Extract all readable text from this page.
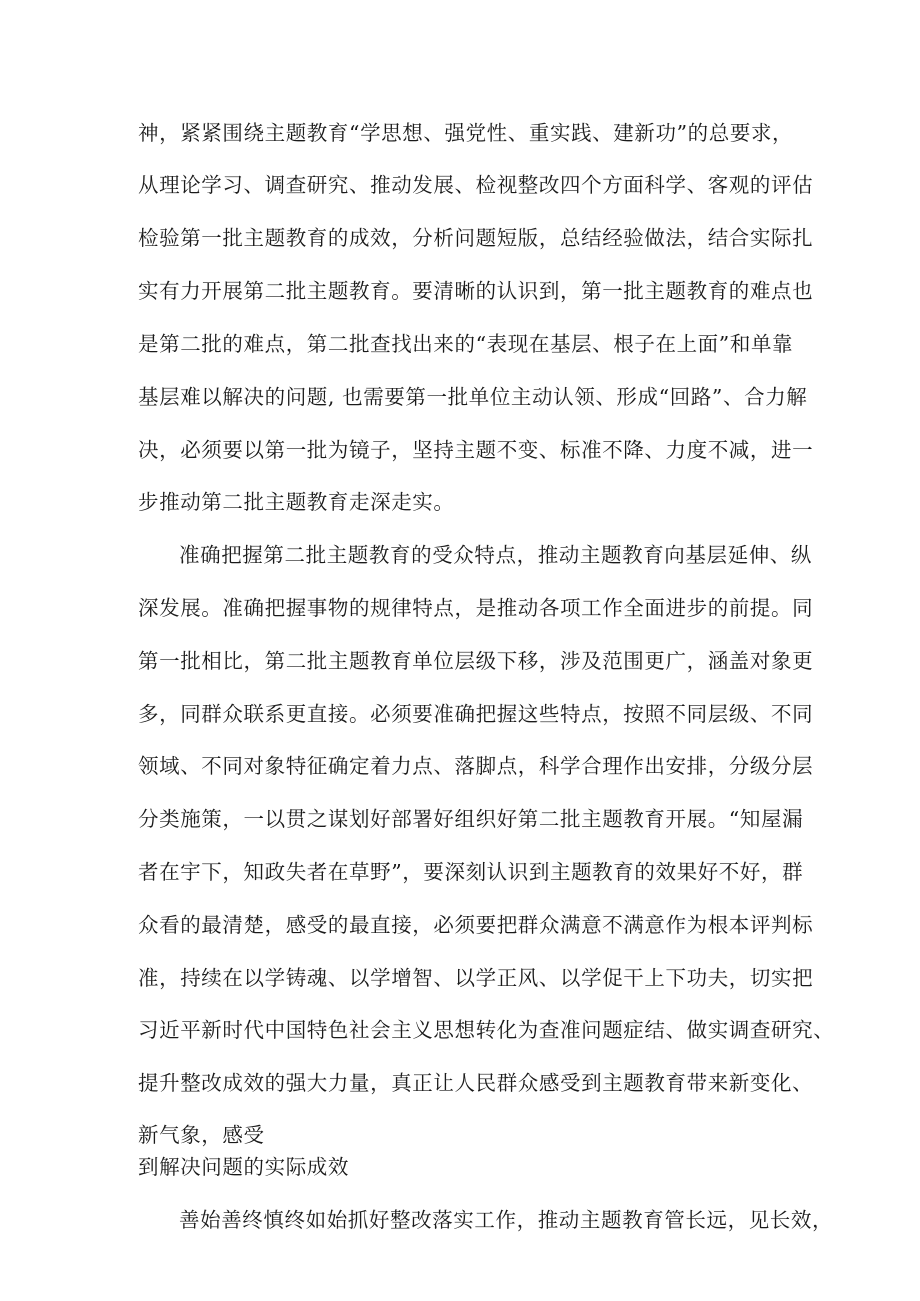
神，紧紧围绕主题教育“学思想、强党性、重实践、建新功”的总要求，
从理论学习、调查研究、推动发展、检视整改四个方面科学、客观的评估
检验第一批主题教育的成效，分析问题短版，总结经验做法，结合实际扎
实有力开展第二批主题教育。要清晰的认识到，第一批主题教育的难点也
是第二批的难点，第二批查找出来的“表现在基层、根子在上面”和单靠
基层难以解决的问题, 也需要第一批单位主动认领、形成“回路”、合力解
决，必须要以第一批为镜子，坚持主题不变、标准不降、力度不减，进一
步推动第二批主题教育走深走实。
准确把握第二批主题教育的受众特点，推动主题教育向基层延伸、纵
深发展。准确把握事物的规律特点，是推动各项工作全面进步的前提。同
第一批相比，第二批主题教育单位层级下移，涉及范围更广，涵盖对象更
多，同群众联系更直接。必须要准确把握这些特点，按照不同层级、不同
领域、不同对象特征确定着力点、落脚点，科学合理作出安排，分级分层
分类施策，一以贯之谋划好部署好组织好第二批主题教育开展。“知屋漏
者在宇下，知政失者在草野”，要深刻认识到主题教育的效果好不好，群
众看的最清楚，感受的最直接，必须要把群众满意不满意作为根本评判标
准，持续在以学铸魂、以学增智、以学正风、以学促干上下功夫，切实把
习近平新时代中国特色社会主义思想转化为查准问题症结、做实调查研究、
提升整改成效的强大力量，真正让人民群众感受到主题教育带来新变化、
新气象，感受
到解决问题的实际成效
善始善终慎终如始抓好整改落实工作，推动主题教育管长远，见长效，
